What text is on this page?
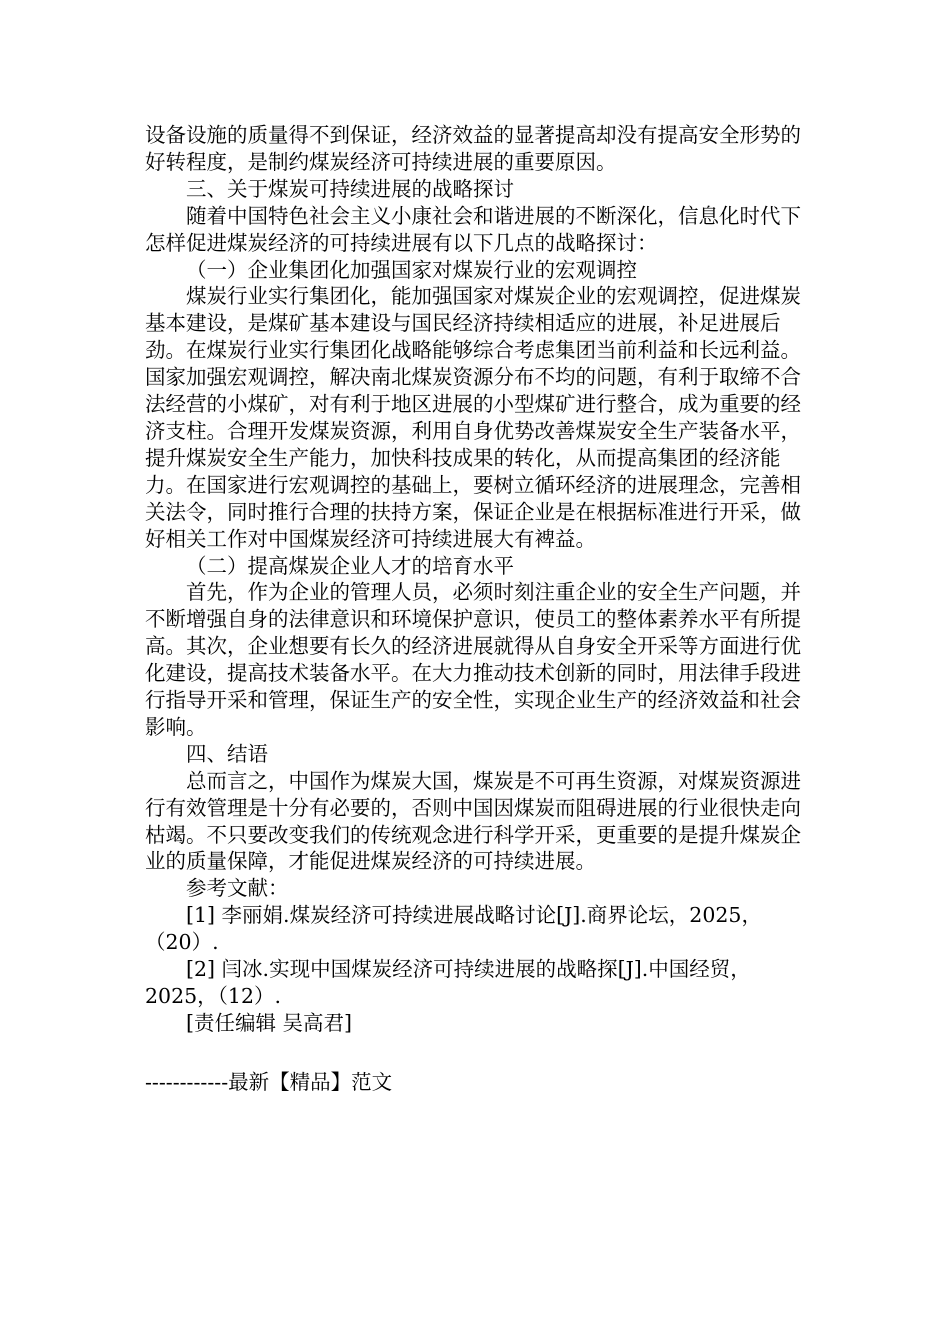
设备设施的质量得不到保证，经济效益的显著提高却没有提高安全形势的好转程度，是制约煤炭经济可持续进展的重要原因。

三、关于煤炭可持续进展的战略探讨

随着中国特色社会主义小康社会和谐进展的不断深化，信息化时代下怎样促进煤炭经济的可持续进展有以下几点的战略探讨：

（一）企业集团化加强国家对煤炭行业的宏观调控

煤炭行业实行集团化，能加强国家对煤炭企业的宏观调控，促进煤炭基本建设，是煤矿基本建设与国民经济持续相适应的进展，补足进展后劲。在煤炭行业实行集团化战略能够综合考虑集团当前利益和长远利益。国家加强宏观调控，解决南北煤炭资源分布不均的问题，有利于取缔不合法经营的小煤矿，对有利于地区进展的小型煤矿进行整合，成为重要的经济支柱。合理开发煤炭资源，利用自身优势改善煤炭安全生产装备水平，提升煤炭安全生产能力，加快科技成果的转化，从而提高集团的经济能力。在国家进行宏观调控的基础上，要树立循环经济的进展理念，完善相关法令，同时推行合理的扶持方案，保证企业是在根据标准进行开采，做好相关工作对中国煤炭经济可持续进展大有裨益。

（二）提高煤炭企业人才的培育水平

首先，作为企业的管理人员，必须时刻注重企业的安全生产问题，并不断增强自身的法律意识和环境保护意识，使员工的整体素养水平有所提高。其次，企业想要有长久的经济进展就得从自身安全开采等方面进行优化建设，提高技术装备水平。在大力推动技术创新的同时，用法律手段进行指导开采和管理，保证生产的安全性，实现企业生产的经济效益和社会影响。

四、结语

总而言之，中国作为煤炭大国，煤炭是不可再生资源，对煤炭资源进行有效管理是十分有必要的，否则中国因煤炭而阻碍进展的行业很快走向枯竭。不只要改变我们的传统观念进行科学开采，更重要的是提升煤炭企业的质量保障，才能促进煤炭经济的可持续进展。

参考文献：

[1] 李丽娟.煤炭经济可持续进展战略讨论[J].商界论坛，2025，（20）.

[2] 闫冰.实现中国煤炭经济可持续进展的战略探[J].中国经贸，2025，（12）.

[责任编辑 吴高君]

------------最新【精品】范文
